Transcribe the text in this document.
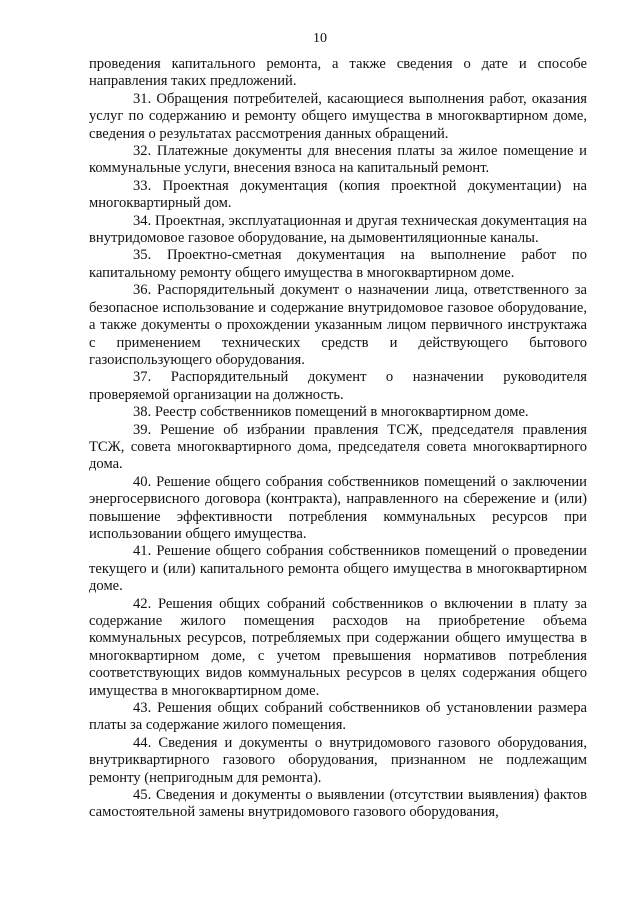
10

проведения капитального ремонта, а также сведения о дате и способе направления таких предложений.

31. Обращения потребителей, касающиеся выполнения работ, оказания услуг по содержанию и ремонту общего имущества в многоквартирном доме, сведения о результатах рассмотрения данных обращений.

32. Платежные документы для внесения платы за жилое помещение и коммунальные услуги, внесения взноса на капитальный ремонт.

33. Проектная документация (копия проектной документации) на многоквартирный дом.

34. Проектная, эксплуатационная и другая техническая документация на внутридомовое газовое оборудование, на дымовентиляционные каналы.

35. Проектно-сметная документация на выполнение работ по капитальному ремонту общего имущества в многоквартирном доме.

36. Распорядительный документ о назначении лица, ответственного за безопасное использование и содержание внутридомовое газовое оборудование, а также документы о прохождении указанным лицом первичного инструктажа с применением технических средств и действующего бытового газоиспользующего оборудования.

37. Распорядительный документ о назначении руководителя проверяемой организации на должность.

38. Реестр собственников помещений в многоквартирном доме.

39. Решение об избрании правления ТСЖ, председателя правления ТСЖ, совета многоквартирного дома, председателя совета многоквартирного дома.

40. Решение общего собрания собственников помещений о заключении энергосервисного договора (контракта), направленного на сбережение и (или) повышение эффективности потребления коммунальных ресурсов при использовании общего имущества.

41. Решение общего собрания собственников помещений о проведении текущего и (или) капитального ремонта общего имущества в многоквартирном доме.

42. Решения общих собраний собственников о включении в плату за содержание жилого помещения расходов на приобретение объема коммунальных ресурсов, потребляемых при содержании общего имущества в многоквартирном доме, с учетом превышения нормативов потребления соответствующих видов коммунальных ресурсов в целях содержания общего имущества в многоквартирном доме.

43. Решения общих собраний собственников об установлении размера платы за содержание жилого помещения.

44. Сведения и документы о внутридомового газового оборудования, внутриквартирного газового оборудования, признанном не подлежащим ремонту (непригодным для ремонта).

45. Сведения и документы о выявлении (отсутствии выявления) фактов самостоятельной замены внутридомового газового оборудования,
